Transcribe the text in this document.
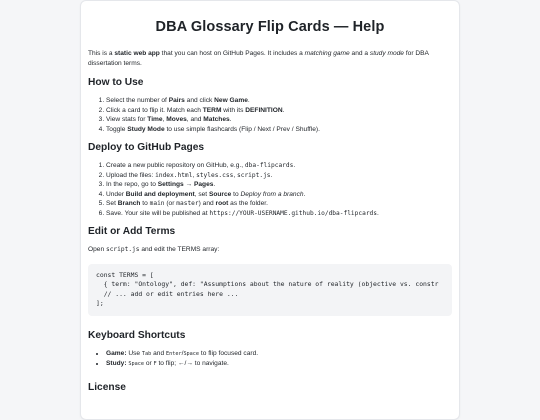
DBA Glossary Flip Cards — Help

This is a static web app that you can host on GitHub Pages. It includes a matching game and a study mode for DBA dissertation terms.

How to Use
1. Select the number of Pairs and click New Game.
2. Click a card to flip it. Match each TERM with its DEFINITION.
3. View stats for Time, Moves, and Matches.
4. Toggle Study Mode to use simple flashcards (Flip / Next / Prev / Shuffle).
Deploy to GitHub Pages
1. Create a new public repository on GitHub, e.g., dba-flipcards.
2. Upload the files: index.html, styles.css, script.js.
3. In the repo, go to Settings → Pages.
4. Under Build and deployment, set Source to Deploy from a branch.
5. Set Branch to main (or master) and root as the folder.
6. Save. Your site will be published at https://YOUR-USERNAME.github.io/dba-flipcards.
Edit or Add Terms

Open script.js and edit the TERMS array:

const TERMS = [
{ term: "Ontology", def: "Assumptions about the nature of reality (objective vs. constr
// ... add or edit entries here ...
];
Keyboard Shortcuts
• Game: Use Tab and Enter/Space to flip focused card.
• Study: Space or F to flip; ←/→ to navigate.
License
